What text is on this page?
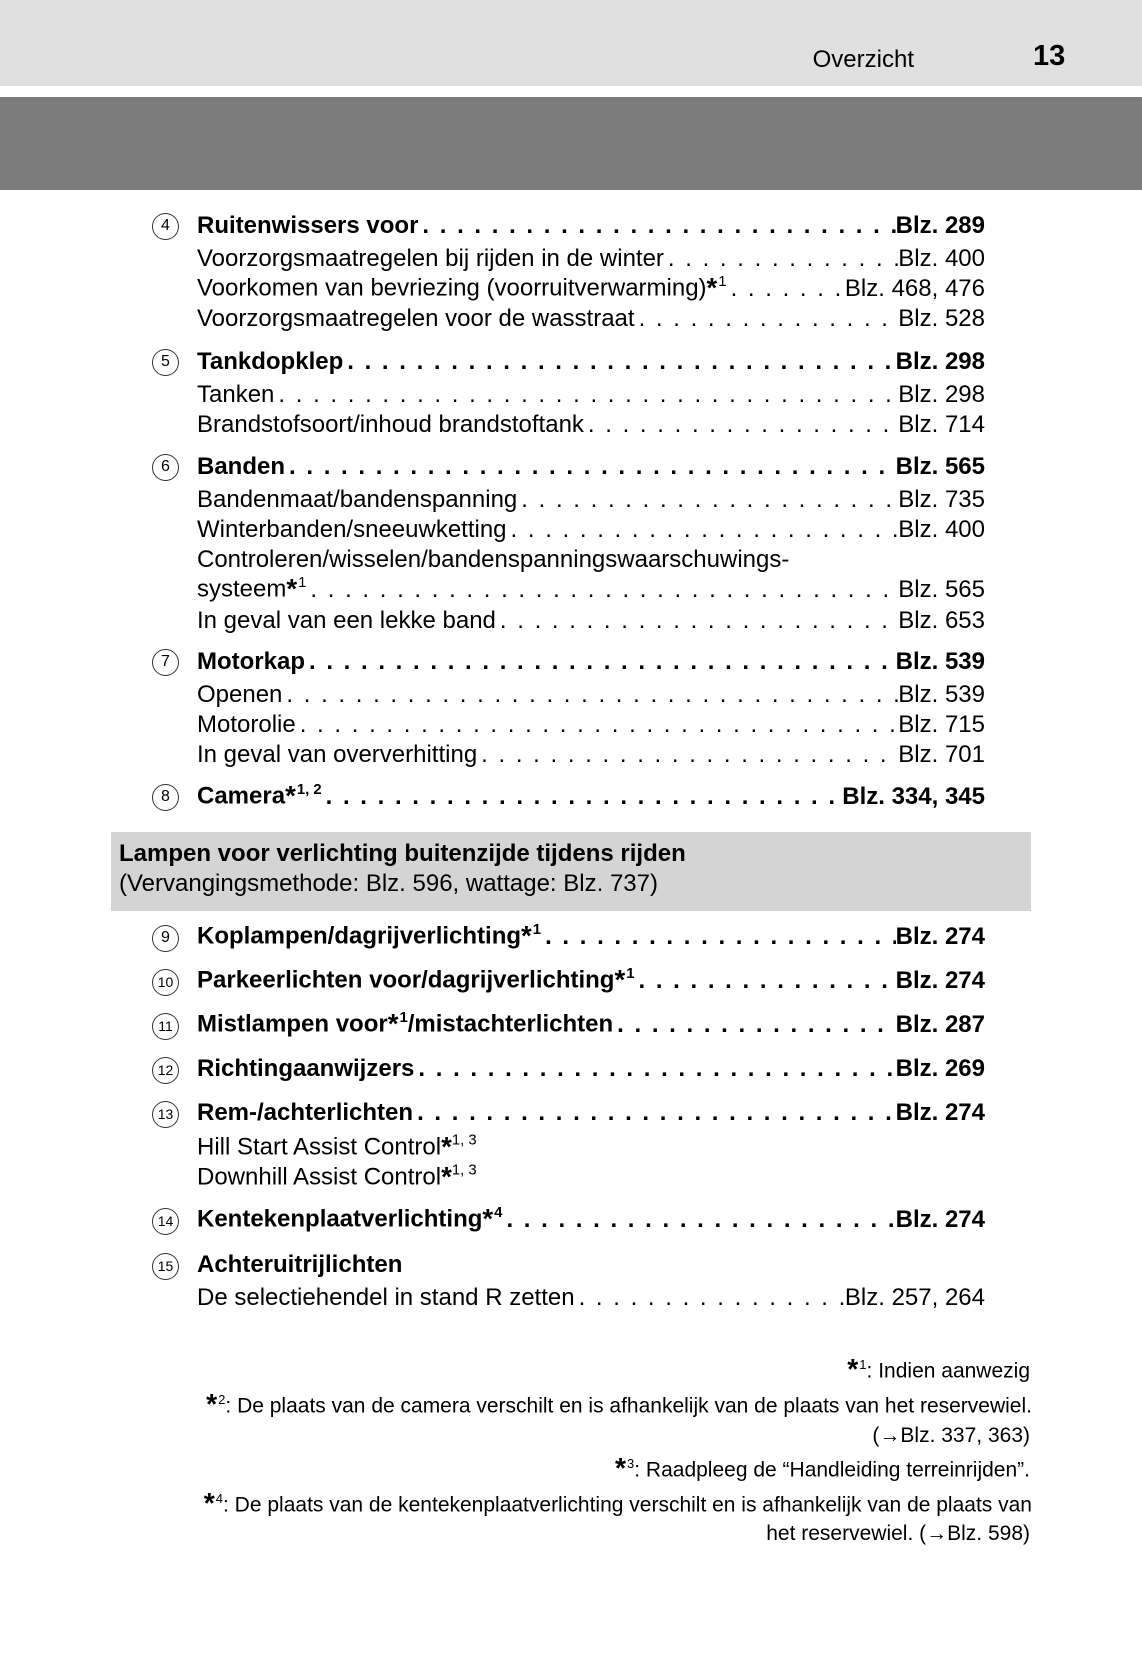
Overzicht	13
4	Ruitenwissers voor . . .	Blz. 289
Voorzorgsmaatregelen bij rijden in de winter . . .	Blz. 400
Voorkomen van bevriezing (voorruitverwarming)*$^1$ . . .	Blz. 468, 476
Voorzorgsmaatregelen voor de wasstraat . . .	Blz. 528
5	Tankdopklep . . .	Blz. 298
Tanken . . .	Blz. 298
Brandstofsoort/inhoud brandstoftank . . .	Blz. 714
6	Banden . . .	Blz. 565
Bandenmaat/bandenspanning . . .	Blz. 735
Winterbanden/sneeuwketting . . .	Blz. 400
Controleren/wisselen/bandenspanningswaarschuwings-
systeem*$^1$ . . .	Blz. 565
In geval van een lekke band . . .	Blz. 653
7	Motorkap . . .	Blz. 539
Openen . . .	Blz. 539
Motorolie . . .	Blz. 715
In geval van oververhitting . . .	Blz. 701
8	Camera*$^{1, 2}$ . . .	Blz. 334, 345
Lampen voor verlichting buitenzijde tijdens rijden
(Vervangingsmethode: Blz. 596, wattage: Blz. 737)
9	Koplampen/dagrijverlichting*$^1$ . . .	Blz. 274
10 Parkeerlichten voor/dagrijverlichting*$^1$ . . .	Blz. 274
11 Mistlampen voor*$^1$/mistachterlichten . . .	Blz. 287
12 Richtingaanwijzers . . .	Blz. 269
13 Rem-/achterlichten . . .	Blz. 274
Hill Start Assist Control*$^{1, 3}$
Downhill Assist Control*$^{1, 3}$
14 Kentekenplaatverlichting*$^4$ . . .	Blz. 274
15 Achteruitrijlichten
De selectiehendel in stand R zetten . . .	Blz. 257, 264
*$^1$: Indien aanwezig
*$^2$: De plaats van de camera verschilt en is afhankelijk van de plaats van het reservewiel.
(→Blz. 337, 363)
*$^3$: Raadpleeg de “Handleiding terreinrijden”.
*$^4$: De plaats van de kentekenplaatverlichting verschilt en is afhankelijk van de plaats van
het reservewiel. (→Blz. 598)
